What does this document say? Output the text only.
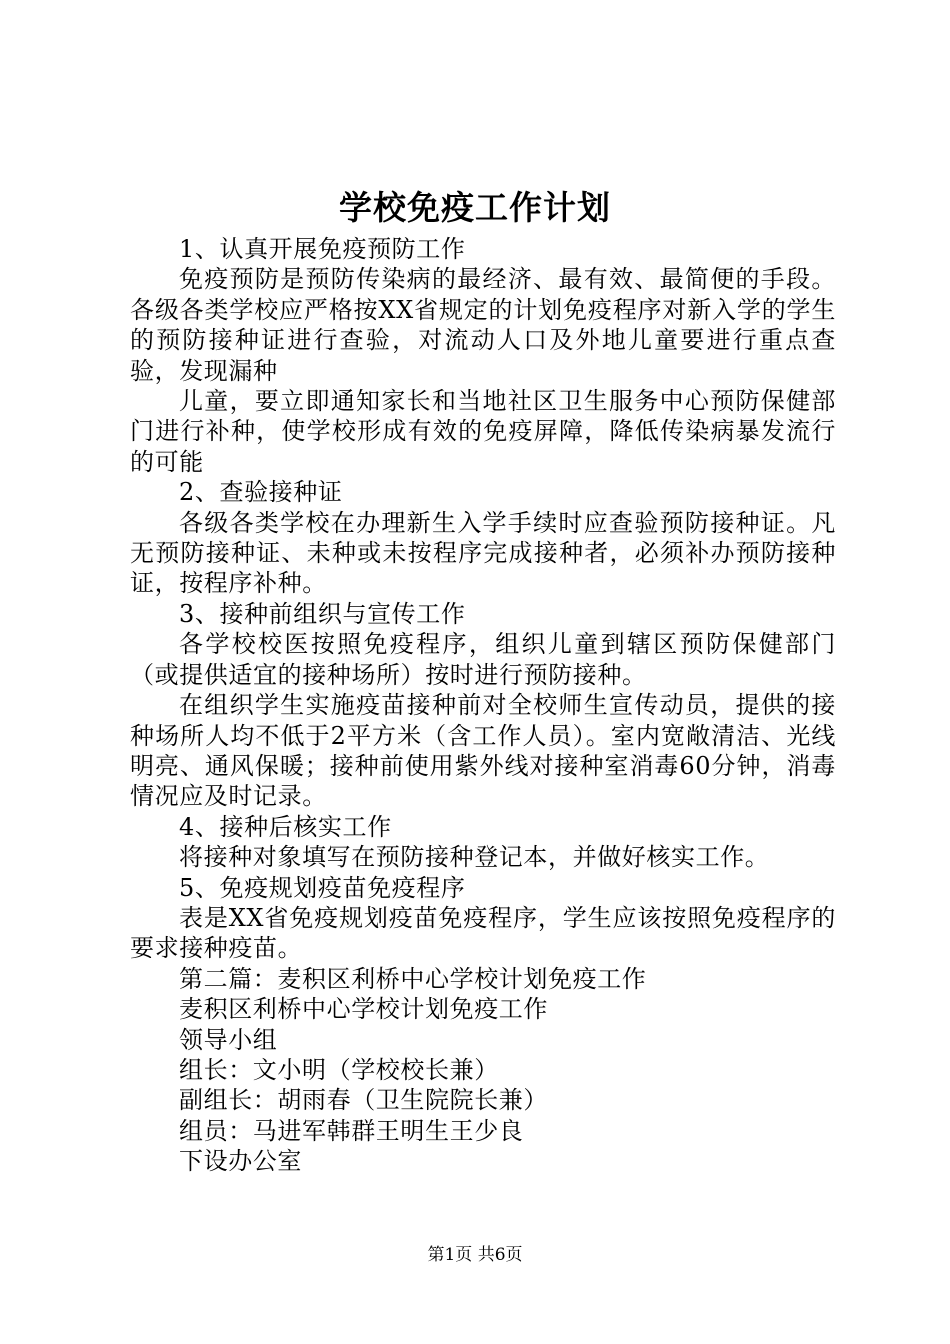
学校免疫工作计划

1、认真开展免疫预防工作

免疫预防是预防传染病的最经济、最有效、最简便的手段。各级各类学校应严格按XX省规定的计划免疫程序对新入学的学生的预防接种证进行查验，对流动人口及外地儿童要进行重点查验，发现漏种

儿童，要立即通知家长和当地社区卫生服务中心预防保健部门进行补种，使学校形成有效的免疫屏障，降低传染病暴发流行的可能

2、查验接种证

各级各类学校在办理新生入学手续时应查验预防接种证。凡无预防接种证、未种或未按程序完成接种者，必须补办预防接种证，按程序补种。

3、接种前组织与宣传工作

各学校校医按照免疫程序，组织儿童到辖区预防保健部门（或提供适宜的接种场所）按时进行预防接种。

在组织学生实施疫苗接种前对全校师生宣传动员，提供的接种场所人均不低于2平方米（含工作人员）。室内宽敞清洁、光线明亮、通风保暖；接种前使用紫外线对接种室消毒60分钟，消毒情况应及时记录。

4、接种后核实工作

将接种对象填写在预防接种登记本，并做好核实工作。

5、免疫规划疫苗免疫程序

表是XX省免疫规划疫苗免疫程序，学生应该按照免疫程序的要求接种疫苗。

第二篇：麦积区利桥中心学校计划免疫工作

麦积区利桥中心学校计划免疫工作

领导小组

组长：文小明（学校校长兼）

副组长：胡雨春（卫生院院长兼）

组员：马进军韩群王明生王少良

下设办公室

第1页 共6页
